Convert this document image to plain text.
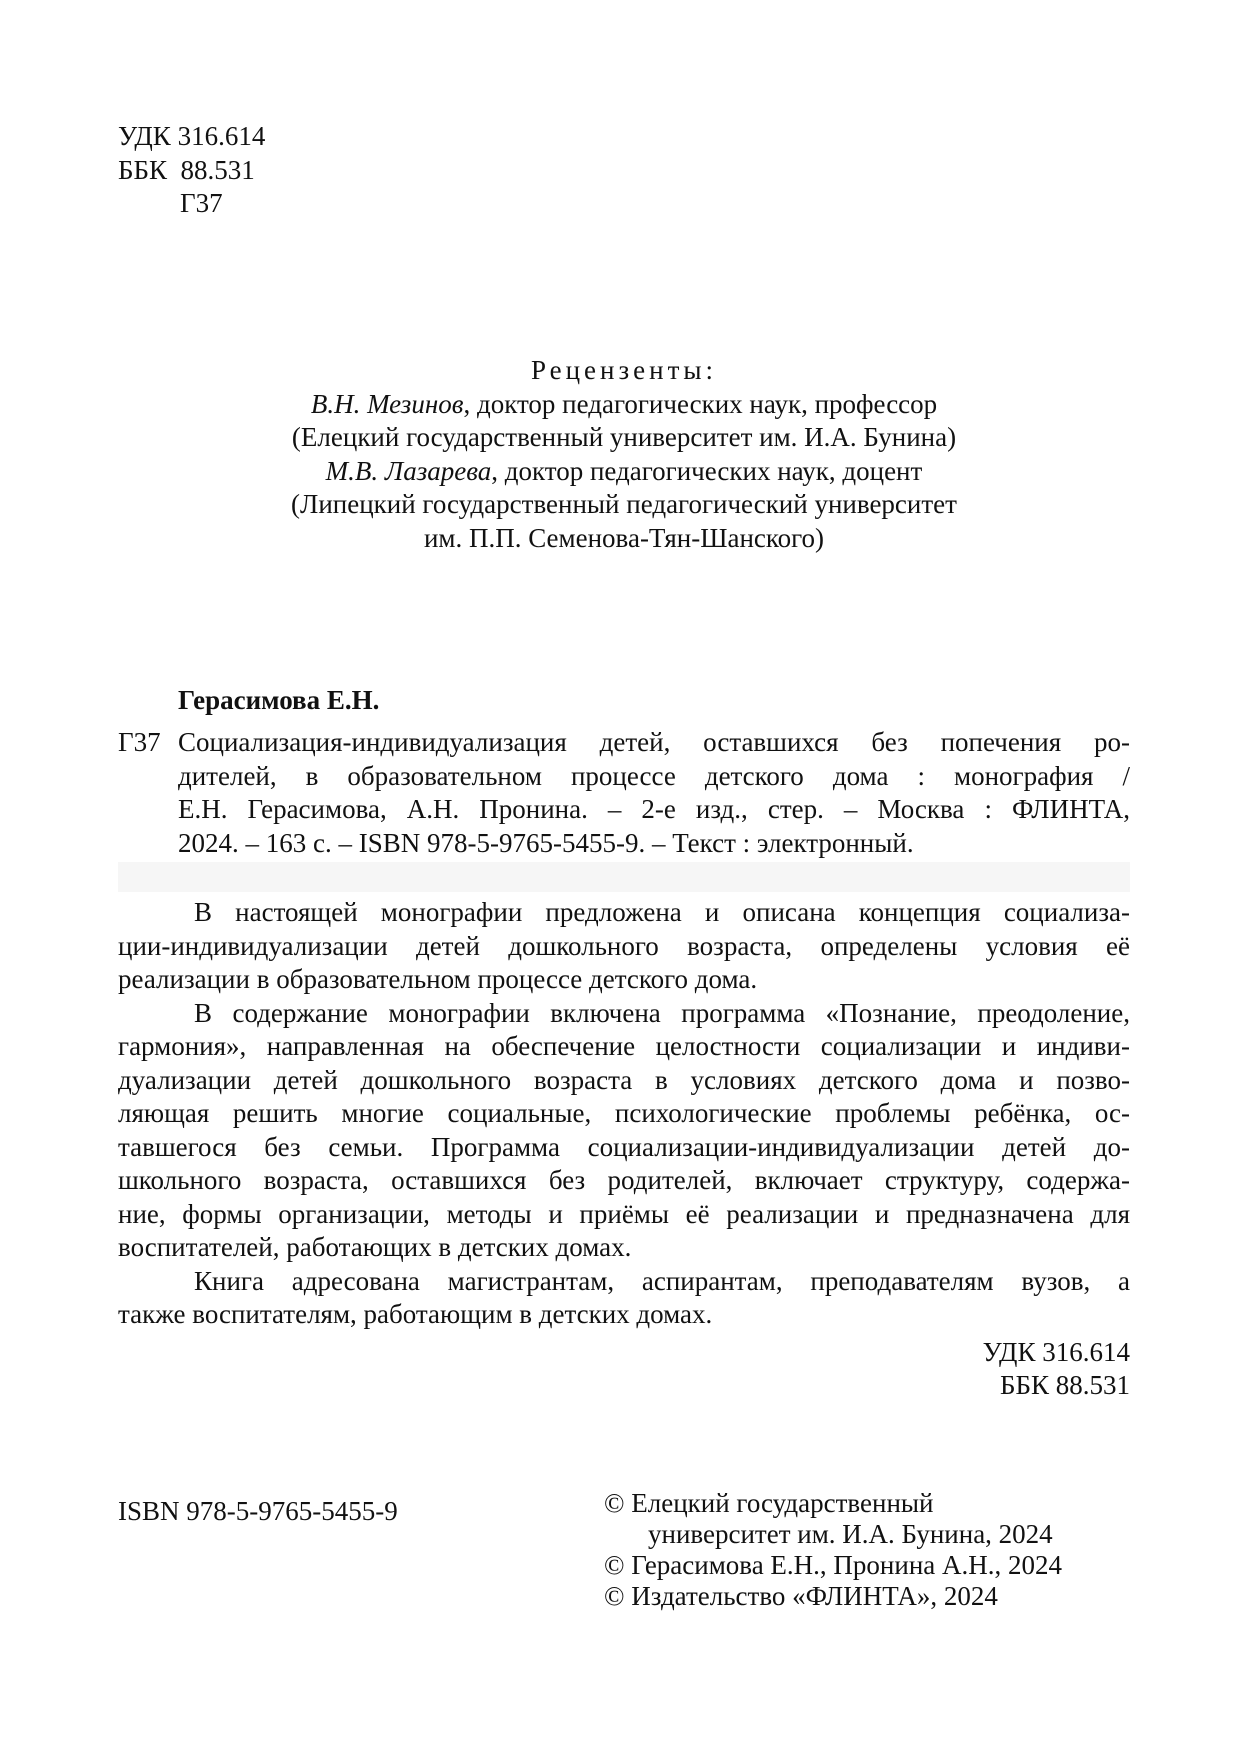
УДК 316.614
ББК  88.531
Г37
Рецензенты:
В.Н. Мезинов, доктор педагогических наук, профессор
(Елецкий государственный университет им. И.А. Бунина)
М.В. Лазарева, доктор педагогических наук, доцент
(Липецкий государственный педагогический университет
им. П.П. Семенова-Тян-Шанского)
Герасимова Е.Н.
Г37 Социализация-индивидуализация детей, оставшихся без попечения ро-
дителей, в образовательном процессе детского дома : монография /
Е.Н. Герасимова, А.Н. Пронина. – 2-е изд., стер. – Москва : ФЛИНТА,
2024. – 163 с. – ISBN 978-5-9765-5455-9. – Текст : электронный.
В настоящей монографии предложена и описана концепция социализа-
ции-индивидуализации детей дошкольного возраста, определены условия её
реализации в образовательном процессе детского дома.
В содержание монографии включена программа «Познание, преодоление,
гармония», направленная на обеспечение целостности социализации и индиви-
дуализации детей дошкольного возраста в условиях детского дома и позво-
ляющая решить многие социальные, психологические проблемы ребёнка, ос-
тавшегося без семьи. Программа социализации-индивидуализации детей до-
школьного возраста, оставшихся без родителей, включает структуру, содержа-
ние, формы организации, методы и приёмы её реализации и предназначена для
воспитателей, работающих в детских домах.
Книга адресована магистрантам, аспирантам, преподавателям вузов, а
также воспитателям, работающим в детских домах.
УДК 316.614
ББК 88.531
ISBN 978-5-9765-5455-9	© Елецкий государственный
университет им. И.А. Бунина, 2024
© Герасимова Е.Н., Пронина А.Н., 2024
© Издательство «ФЛИНТА», 2024
